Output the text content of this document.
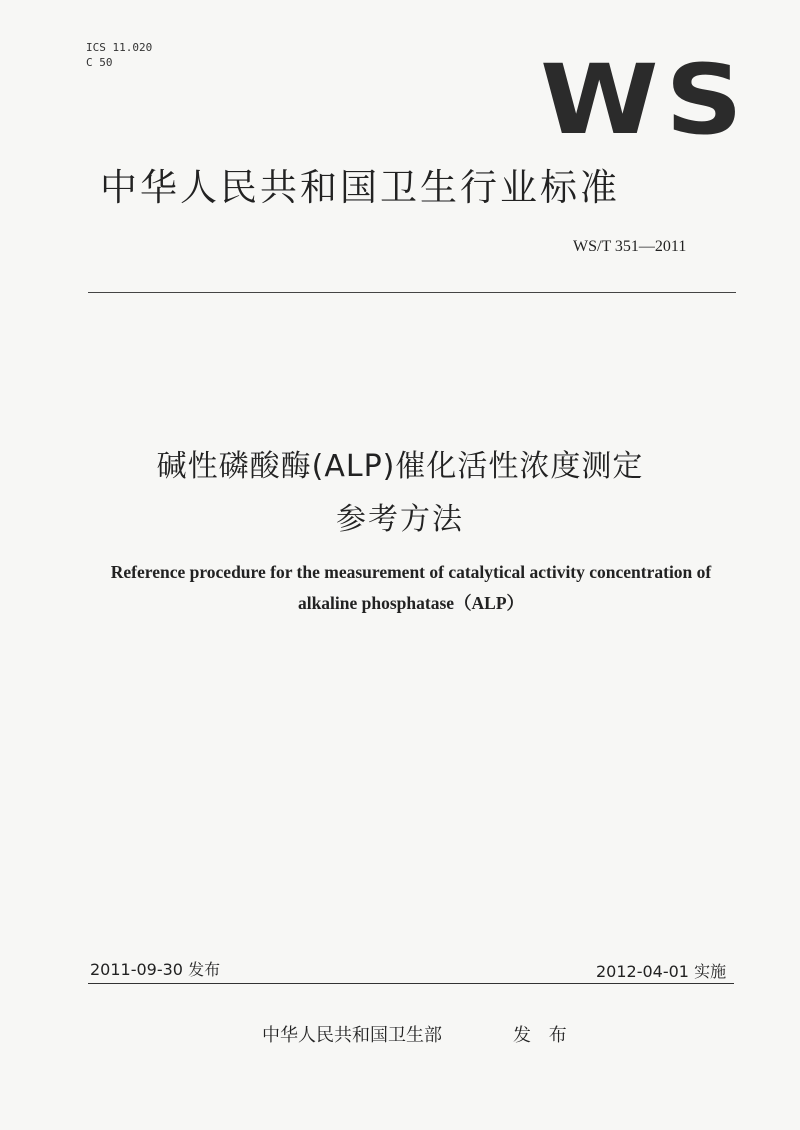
ICS 11.020
C 50	WS
中华人民共和国卫生行业标准
WS/T 351—2011
碱性磷酸酶(ALP)催化活性浓度测定
参考方法
Reference procedure for the measurement of catalytical activity concentration of
alkaline phosphatase（ALP）
2011-09-30 发布	2012-04-01 实施
中华人民共和国卫生部	发 布
